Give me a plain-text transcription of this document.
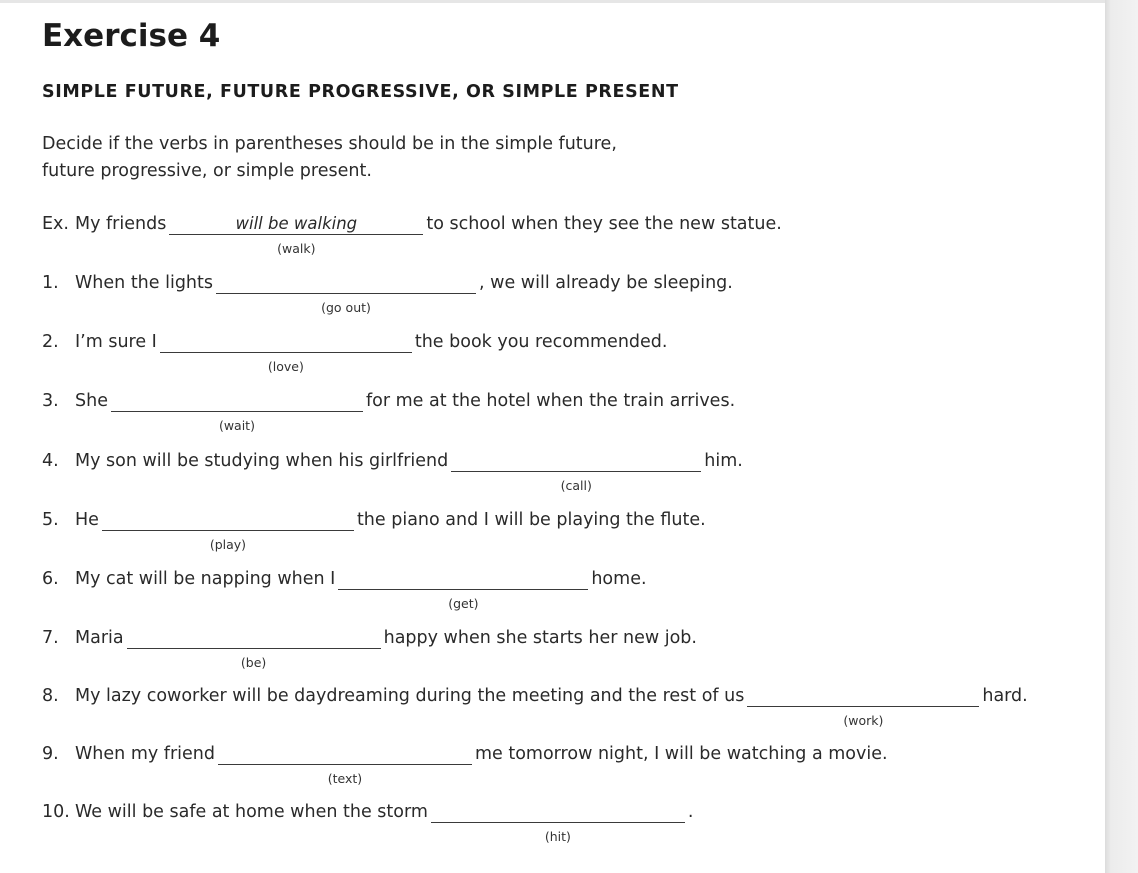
Exercise 4
SIMPLE FUTURE, FUTURE PROGRESSIVE, OR SIMPLE PRESENT
Decide if the verbs in parentheses should be in the simple future,
future progressive, or simple present.
Ex. My friends	will be walking
(walk)
to school when they see the new statue.
1. When the lights
(go out)
, we will already be sleeping.
2. I’m sure I
(love)
the book you recommended.
3. She
(wait)
for me at the hotel when the train arrives.
4. My son will be studying when his girlfriend
(call)
him.
5. He
(play)
the piano and I will be playing the flute.
6. My cat will be napping when I
(get)
home.
7. Maria
(be)
happy when she starts her new job.
8. My lazy coworker will be daydreaming during the meeting and the rest of us
(work)
hard.
9. When my friend
(text)
me tomorrow night, I will be watching a movie.
10. We will be safe at home when the storm
(hit)
.
